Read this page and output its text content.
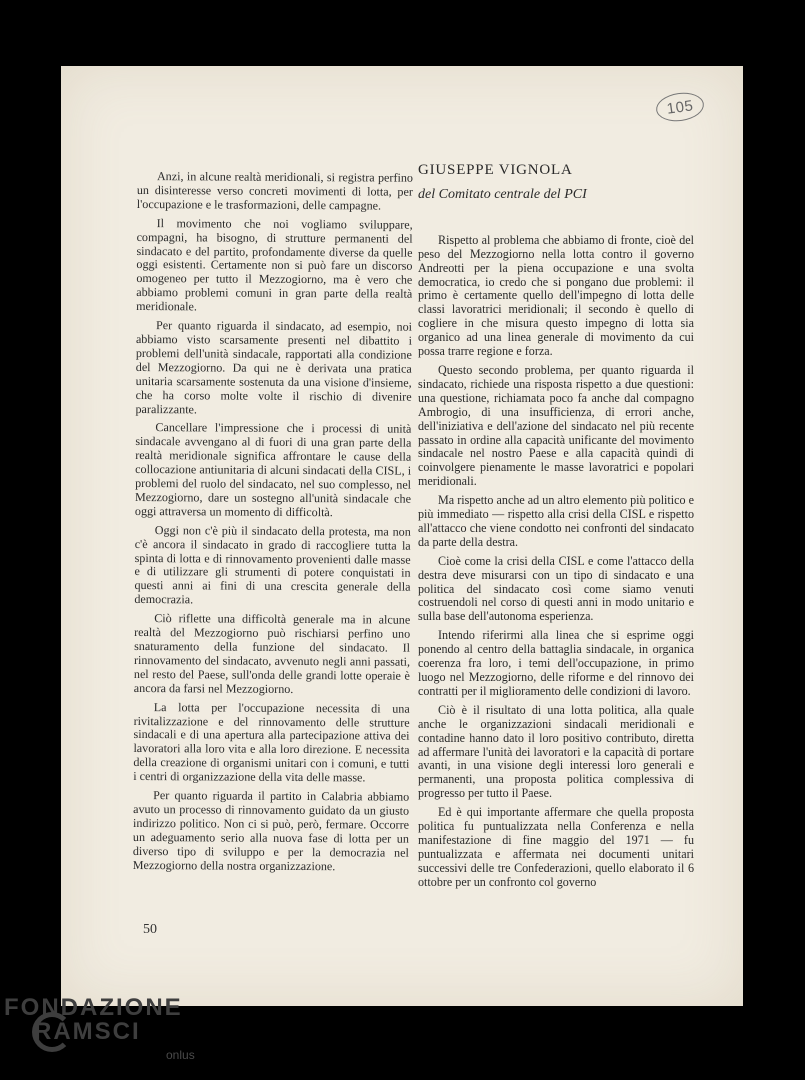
105

Anzi, in alcune realtà meridionali, si registra perfino un disinteresse verso concreti movimenti di lotta, per l'occupazione e le trasformazioni, delle campagne.

Il movimento che noi vogliamo sviluppare, compagni, ha bisogno, di strutture permanenti del sindacato e del partito, profondamente diverse da quelle oggi esistenti. Certamente non si può fare un discorso omogeneo per tutto il Mezzogiorno, ma è vero che abbiamo problemi comuni in gran parte della realtà meridionale.

Per quanto riguarda il sindacato, ad esempio, noi abbiamo visto scarsamente presenti nel dibattito i problemi dell'unità sindacale, rapportati alla condizione del Mezzogiorno. Da qui ne è derivata una pratica unitaria scarsamente sostenuta da una visione d'insieme, che ha corso molte volte il rischio di divenire paralizzante.

Cancellare l'impressione che i processi di unità sindacale avvengano al di fuori di una gran parte della realtà meridionale significa affrontare le cause della collocazione antiunitaria di alcuni sindacati della CISL, i problemi del ruolo del sindacato, nel suo complesso, nel Mezzogiorno, dare un sostegno all'unità sindacale che oggi attraversa un momento di difficoltà.

Oggi non c'è più il sindacato della protesta, ma non c'è ancora il sindacato in grado di raccogliere tutta la spinta di lotta e di rinnovamento provenienti dalle masse e di utilizzare gli strumenti di potere conquistati in questi anni ai fini di una crescita generale della democrazia.

Ciò riflette una difficoltà generale ma in alcune realtà del Mezzogiorno può rischiarsi perfino uno snaturamento della funzione del sindacato. Il rinnovamento del sindacato, avvenuto negli anni passati, nel resto del Paese, sull'onda delle grandi lotte operaie è ancora da farsi nel Mezzogiorno.

La lotta per l'occupazione necessita di una rivitalizzazione e del rinnovamento delle strutture sindacali e di una apertura alla partecipazione attiva dei lavoratori alla loro vita e alla loro direzione. E necessita della creazione di organismi unitari con i comuni, e tutti i centri di organizzazione della vita delle masse.

Per quanto riguarda il partito in Calabria abbiamo avuto un processo di rinnovamento guidato da un giusto indirizzo politico. Non ci si può, però, fermare. Occorre un adeguamento serio alla nuova fase di lotta per un diverso tipo di sviluppo e per la democrazia nel Mezzogiorno della nostra organizzazione.

GIUSEPPE VIGNOLA
del Comitato centrale del PCI

Rispetto al problema che abbiamo di fronte, cioè del peso del Mezzogiorno nella lotta contro il governo Andreotti per la piena occupazione e una svolta democratica, io credo che si pongano due problemi: il primo è certamente quello dell'impegno di lotta delle classi lavoratrici meridionali; il secondo è quello di cogliere in che misura questo impegno di lotta sia organico ad una linea generale di movimento da cui possa trarre regione e forza.

Questo secondo problema, per quanto riguarda il sindacato, richiede una risposta rispetto a due questioni: una questione, richiamata poco fa anche dal compagno Ambrogio, di una insufficienza, di errori anche, dell'iniziativa e dell'azione del sindacato nel più recente passato in ordine alla capacità unificante del movimento sindacale nel nostro Paese e alla capacità quindi di coinvolgere pienamente le masse lavoratrici e popolari meridionali.

Ma rispetto anche ad un altro elemento più politico e più immediato — rispetto alla crisi della CISL e rispetto all'attacco che viene condotto nei confronti del sindacato da parte della destra.

Cioè come la crisi della CISL e come l'attacco della destra deve misurarsi con un tipo di sindacato e una politica del sindacato così come siamo venuti costruendoli nel corso di questi anni in modo unitario e sulla base dell'autonoma esperienza.

Intendo riferirmi alla linea che si esprime oggi ponendo al centro della battaglia sindacale, in organica coerenza fra loro, i temi dell'occupazione, in primo luogo nel Mezzogiorno, delle riforme e del rinnovo dei contratti per il miglioramento delle condizioni di lavoro.

Ciò è il risultato di una lotta politica, alla quale anche le organizzazioni sindacali meridionali e contadine hanno dato il loro positivo contributo, diretta ad affermare l'unità dei lavoratori e la capacità di portare avanti, in una visione degli interessi loro generali e permanenti, una proposta politica complessiva di progresso per tutto il Paese.

Ed è qui importante affermare che quella proposta politica fu puntualizzata nella Conferenza e nella manifestazione di fine maggio del 1971 — fu puntualizzata e affermata nei documenti unitari successivi delle tre Confederazioni, quello elaborato il 6 ottobre per un confronto col governo

50
FONDAZIONE
RAMSCI
onlus
